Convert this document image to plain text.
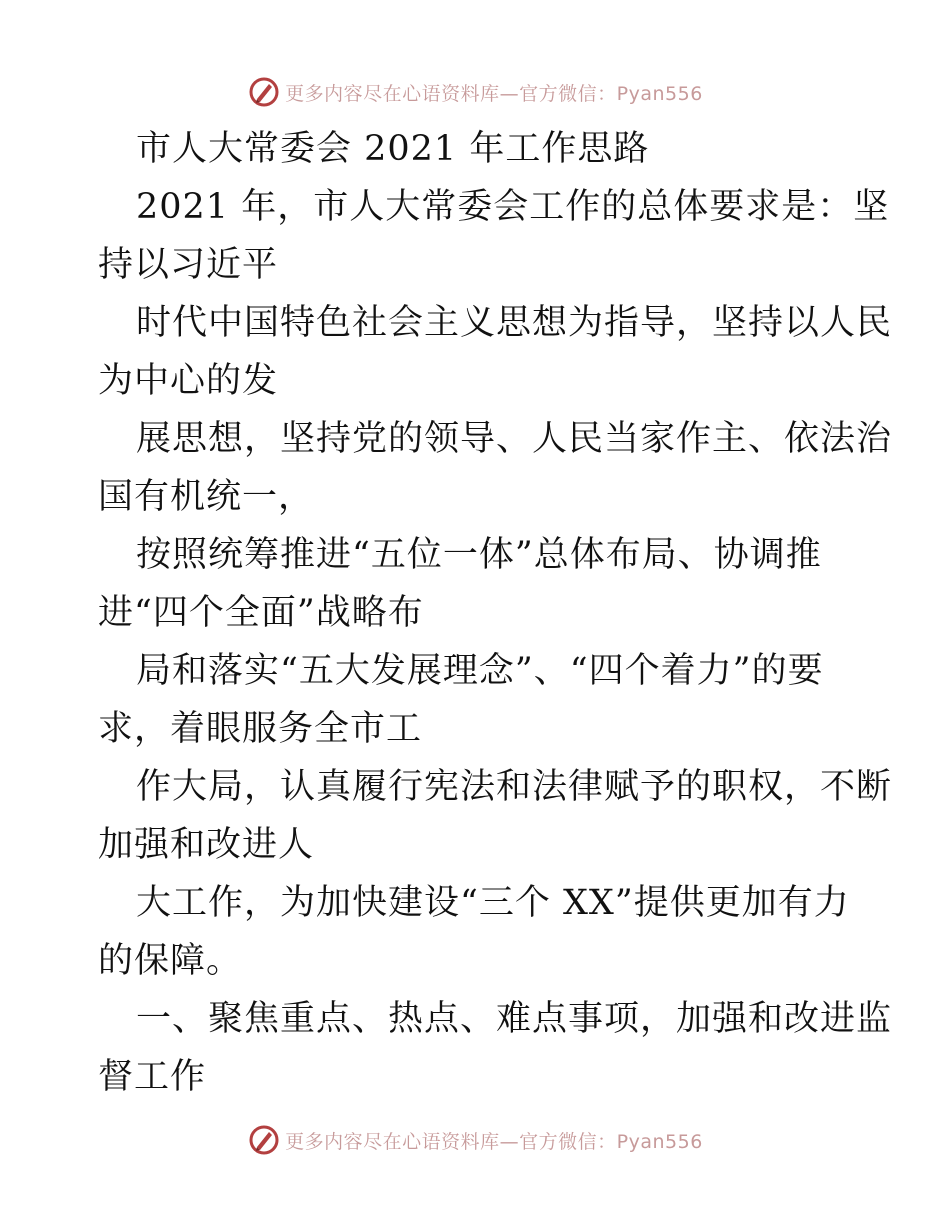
更多内容尽在心语资料库—官方微信：Pyan556
市人大常委会 2021 年工作思路
2021 年，市人大常委会工作的总体要求是：坚
持以习近平
时代中国特色社会主义思想为指导，坚持以人民
为中心的发
展思想，坚持党的领导、人民当家作主、依法治
国有机统一，
按照统筹推进“五位一体”总体布局、协调推
进“四个全面”战略布
局和落实“五大发展理念”、“四个着力”的要
求，着眼服务全市工
作大局，认真履行宪法和法律赋予的职权，不断
加强和改进人
大工作，为加快建设“三个 XX”提供更加有力
的保障。
一、聚焦重点、热点、难点事项，加强和改进监
督工作
更多内容尽在心语资料库—官方微信：Pyan556
